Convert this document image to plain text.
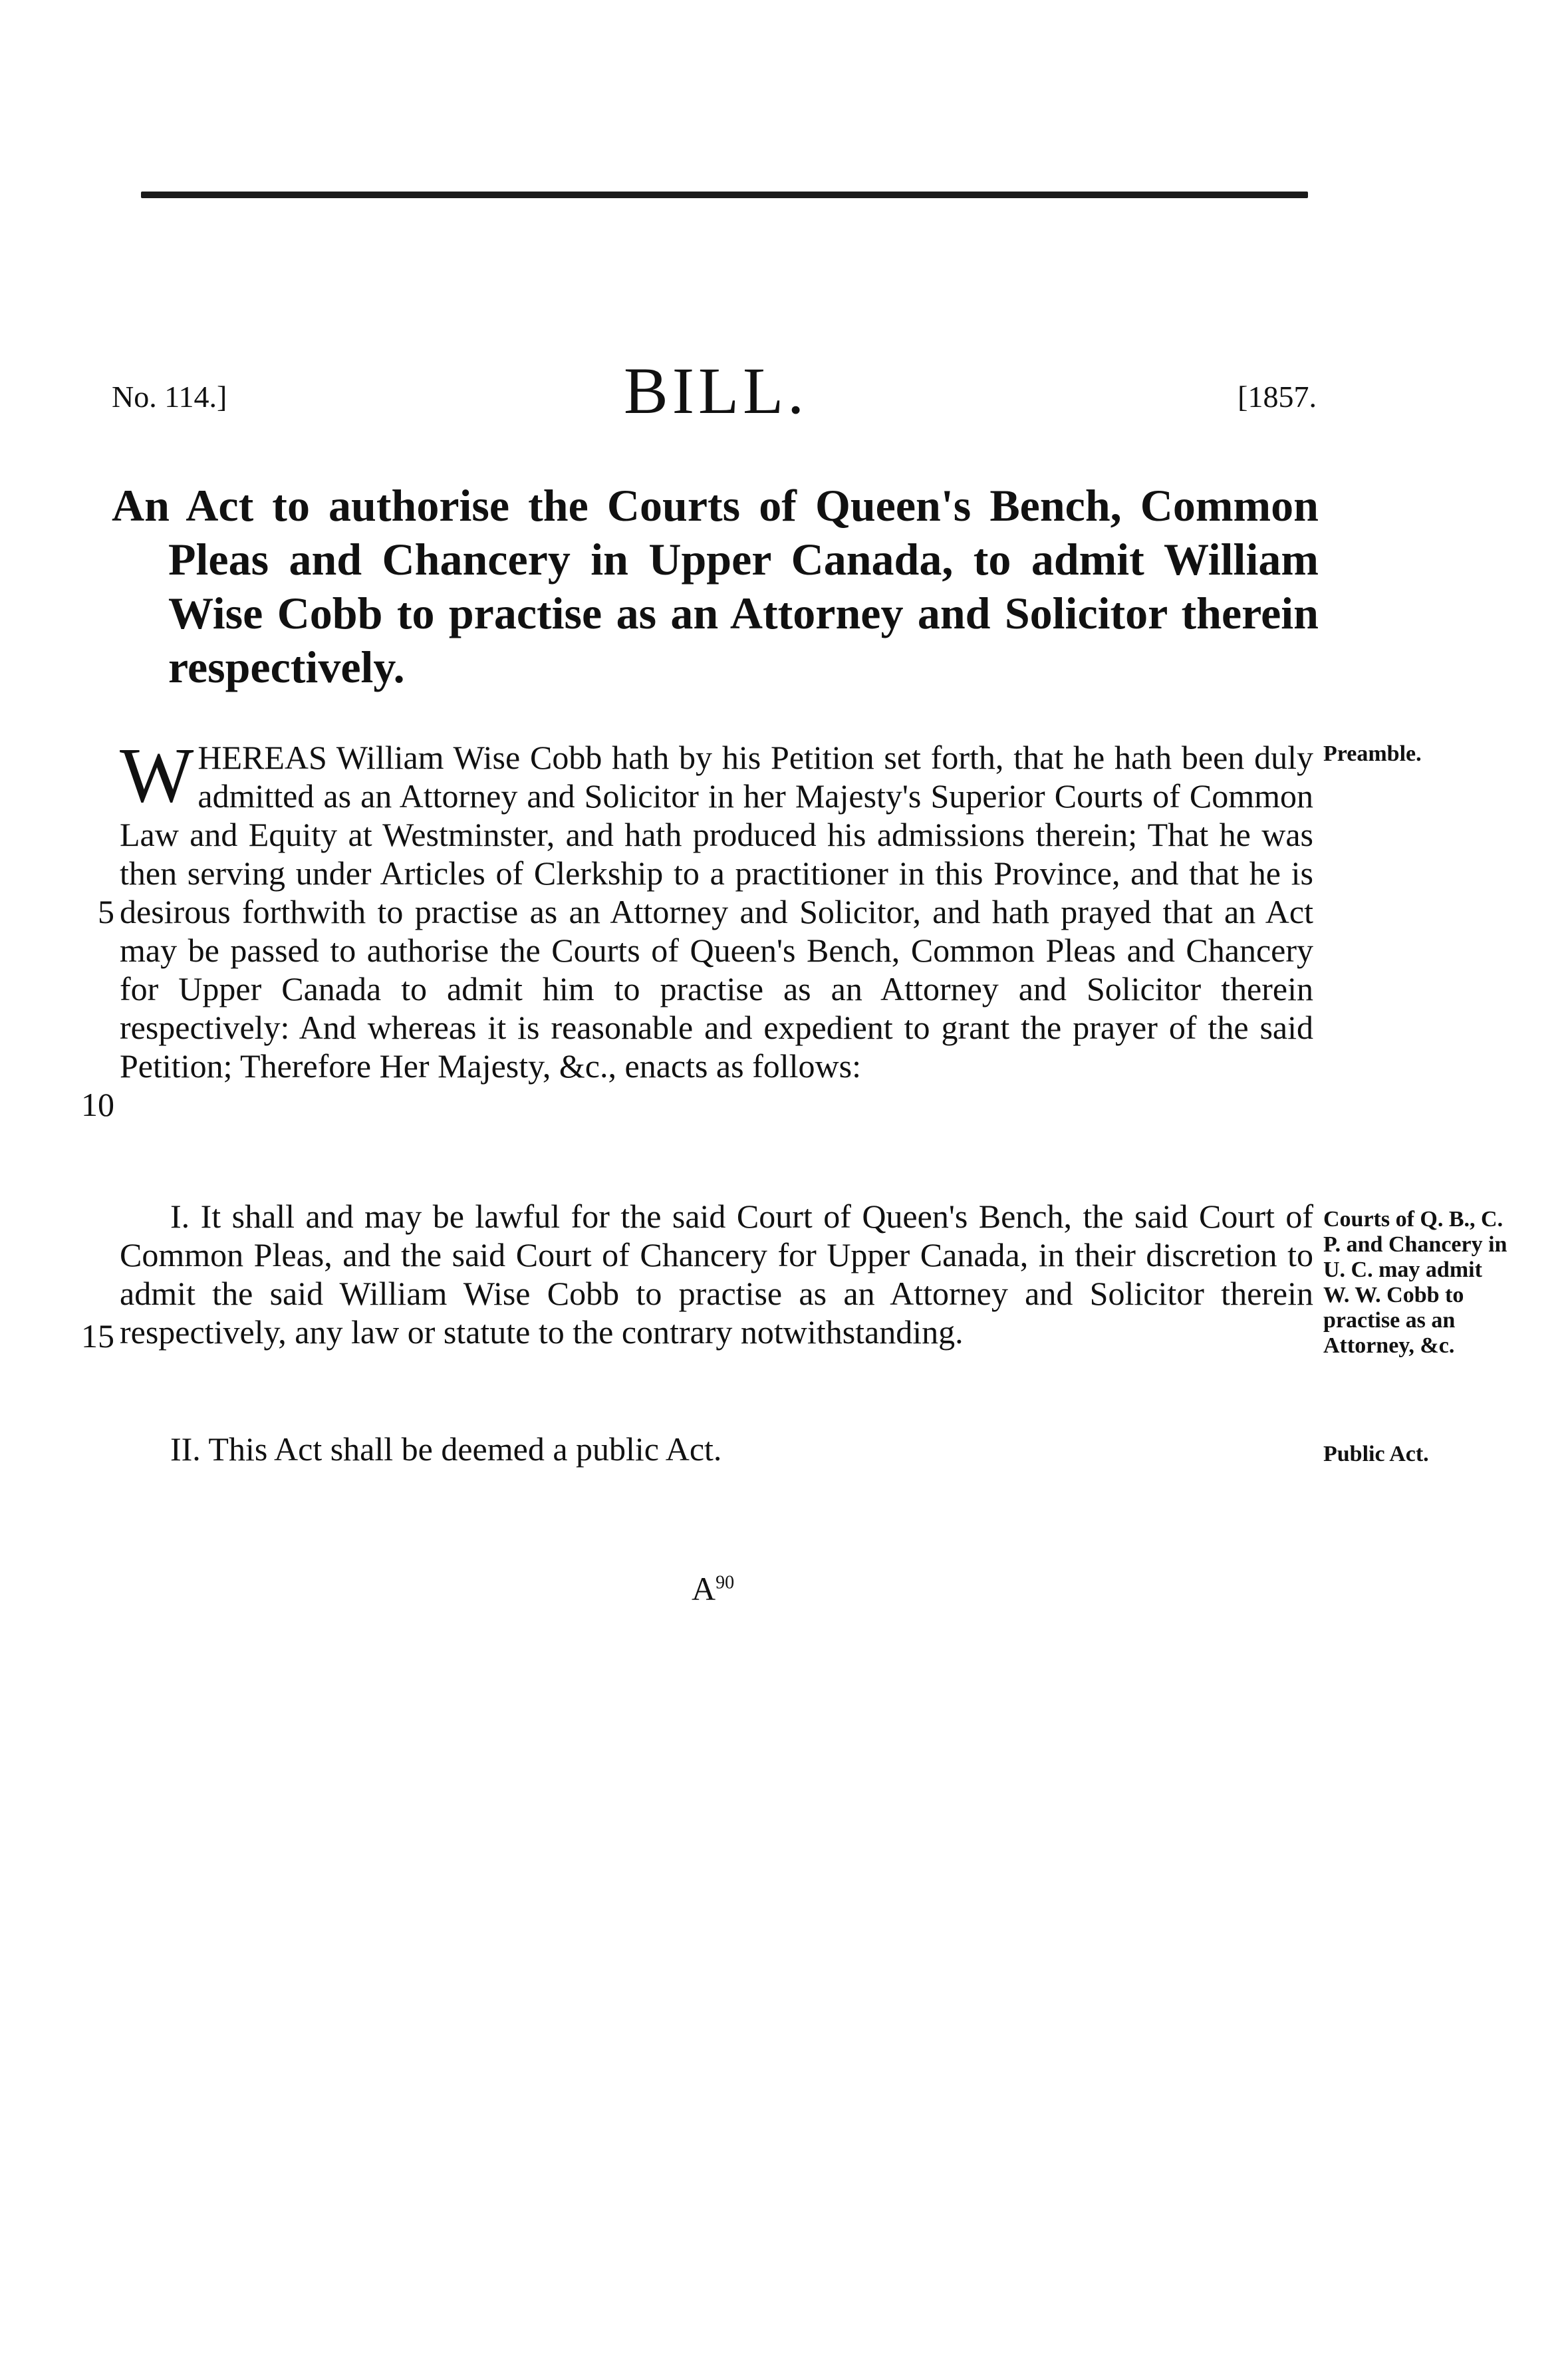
No. 114.]	BILL.	[1857.
An Act to authorise the Courts of Queen's Bench, Common Pleas and Chancery in Upper Canada, to admit William Wise Cobb to practise as an Attorney and Solicitor therein respectively.
W HEREAS William Wise Cobb hath by his Petition set forth, that he hath been duly admitted as an Attorney and Solicitor in her Majesty's Superior Courts of Common Law and Equity at Westminster, and hath produced his admissions therein; That he was then serving under Articles of Clerkship to a practitioner in this Province, and that he is desirous forthwith to practise as an Attorney and Solicitor, and hath prayed that an Act may be passed to authorise the Courts of Queen's Bench, Common Pleas and Chancery for Upper Canada to admit him to practise as an Attorney and Solicitor therein respectively: And whereas it is reasonable and expedient to grant the prayer of the said Petition; Therefore Her Majesty, &c., enacts as follows:
I. It shall and may be lawful for the said Court of Queen's Bench, the said Court of Common Pleas, and the said Court of Chancery for Upper Canada, in their discretion to admit the said William Wise Cobb to practise as an Attorney and Solicitor therein respectively, any law or statute to the contrary notwithstanding.
II. This Act shall be deemed a public Act.
Preamble.
Courts of Q. B., C. P. and Chancery in U. C. may admit W. W. Cobb to practise as an Attorney, &c.
Public Act.
5
10
15
$A^{90}$
